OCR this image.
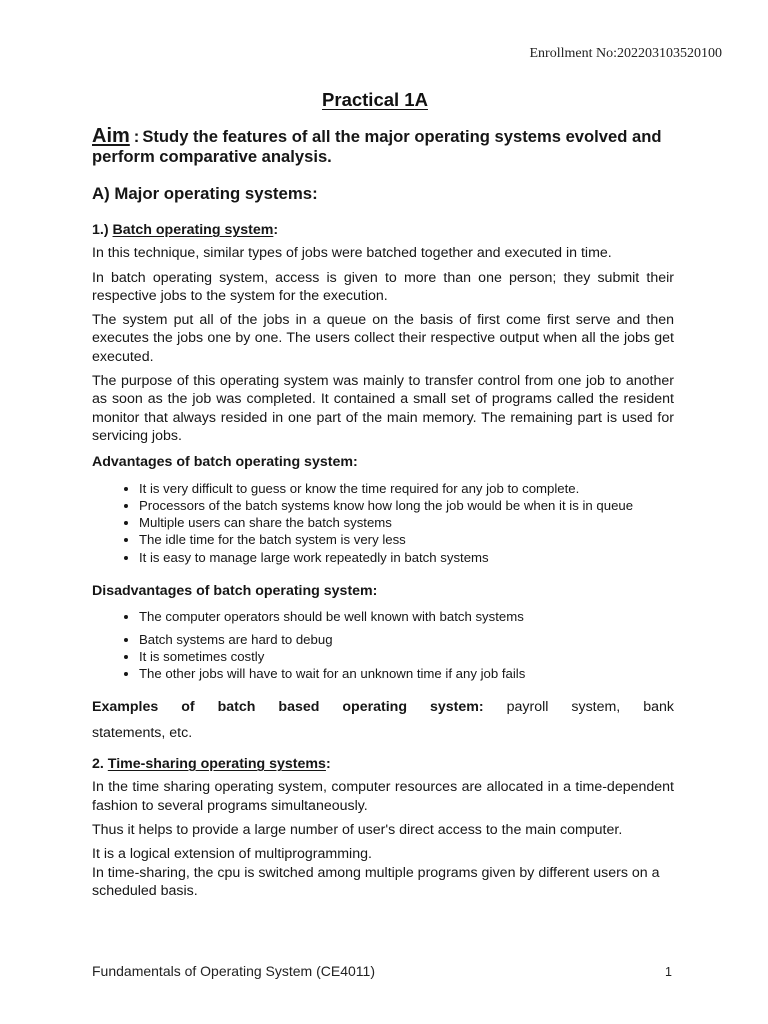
Enrollment No:202203103520100
Practical 1A
Aim : Study the features of all the major operating systems evolved and perform comparative analysis.
A) Major operating systems:
1.) Batch operating system:

In this technique, similar types of jobs were batched together and executed in time.

In batch operating system, access is given to more than one person; they submit their respective jobs to the system for the execution.

The system put all of the jobs in a queue on the basis of first come first serve and then executes the jobs one by one. The users collect their respective output when all the jobs get executed.

The purpose of this operating system was mainly to transfer control from one job to another as soon as the job was completed. It contained a small set of programs called the resident monitor that always resided in one part of the main memory. The remaining part is used for servicing jobs.

Advantages of batch operating system:
• It is very difficult to guess or know the time required for any job to complete.
• Processors of the batch systems know how long the job would be when it is in queue
• Multiple users can share the batch systems
• The idle time for the batch system is very less
• It is easy to manage large work repeatedly in batch systems
Disadvantages of batch operating system:
• The computer operators should be well known with batch systems
• Batch systems are hard to debug
• It is sometimes costly
• The other jobs will have to wait for an unknown time if any job fails
Examples of batch based operating system: payroll system, bank
statements, etc.
2. Time-sharing operating systems:

In the time sharing operating system, computer resources are allocated in a time-dependent fashion to several programs simultaneously.

Thus it helps to provide a large number of user's direct access to the main computer.

It is a logical extension of multiprogramming.
In time-sharing, the cpu is switched among multiple programs given by different users on a scheduled basis.
Fundamentals of Operating System (CE4011)	1
